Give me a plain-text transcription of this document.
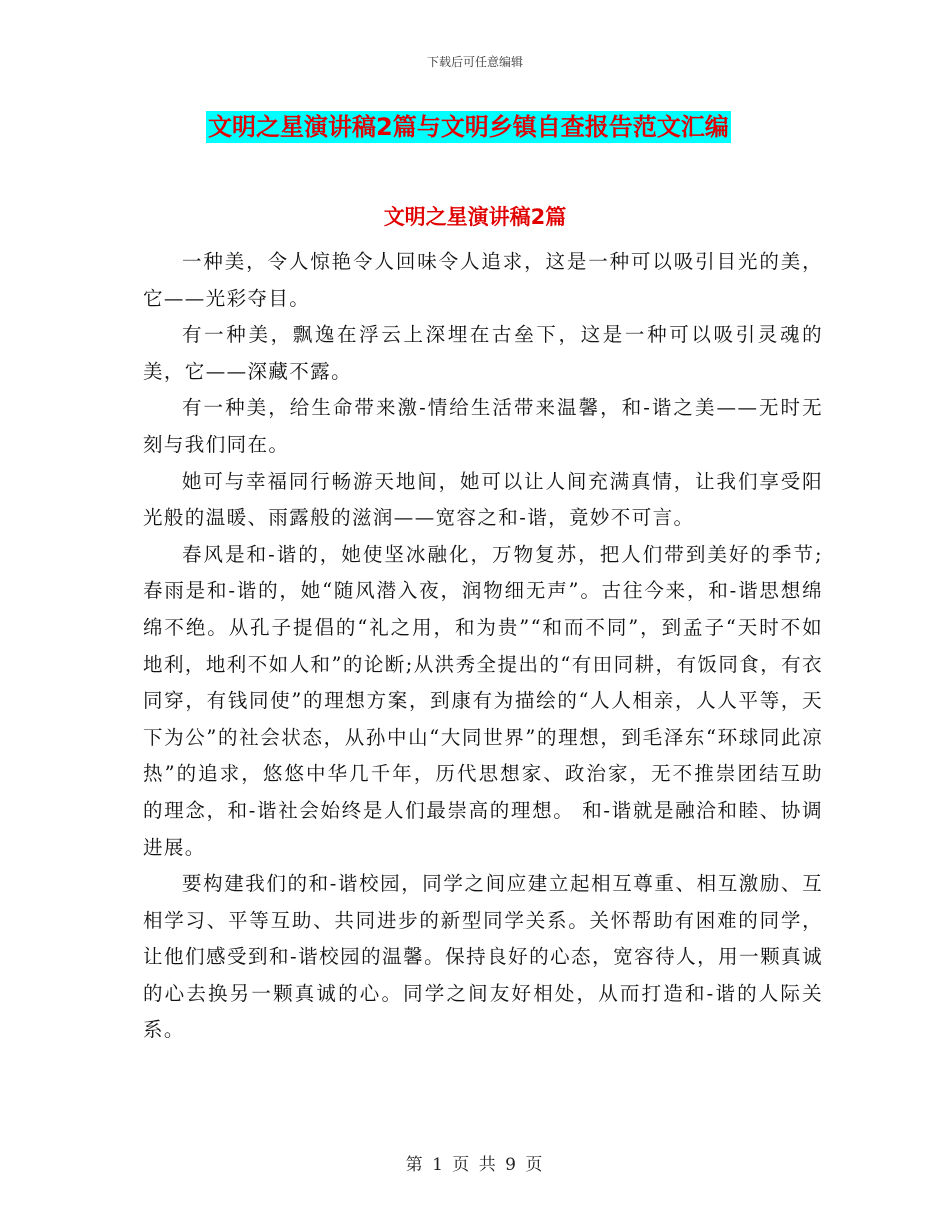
下载后可任意编辑
文明之星演讲稿2篇与文明乡镇自查报告范文汇编
文明之星演讲稿2篇

一种美，令人惊艳令人回味令人追求，这是一种可以吸引目光的美，它——光彩夺目。

有一种美，飘逸在浮云上深埋在古垒下，这是一种可以吸引灵魂的美，它——深藏不露。

有一种美，给生命带来激-情给生活带来温馨，和-谐之美——无时无刻与我们同在。

她可与幸福同行畅游天地间，她可以让人间充满真情，让我们享受阳光般的温暖、雨露般的滋润——宽容之和-谐，竟妙不可言。

春风是和-谐的，她使坚冰融化，万物复苏，把人们带到美好的季节;春雨是和-谐的，她“随风潜入夜，润物细无声”。古往今来，和-谐思想绵绵不绝。从孔子提倡的“礼之用，和为贵”“和而不同”，到孟子“天时不如地利，地利不如人和”的论断;从洪秀全提出的“有田同耕，有饭同食，有衣同穿，有钱同使”的理想方案，到康有为描绘的“人人相亲，人人平等，天下为公”的社会状态，从孙中山“大同世界”的理想，到毛泽东“环球同此凉热”的追求，悠悠中华几千年，历代思想家、政治家，无不推崇团结互助的理念，和-谐社会始终是人们最崇高的理想。 和-谐就是融洽和睦、协调进展。

要构建我们的和-谐校园，同学之间应建立起相互尊重、相互激励、互相学习、平等互助、共同进步的新型同学关系。关怀帮助有困难的同学，让他们感受到和-谐校园的温馨。保持良好的心态，宽容待人，用一颗真诚的心去换另一颗真诚的心。同学之间友好相处，从而打造和-谐的人际关系。

第 1 页 共 9 页
